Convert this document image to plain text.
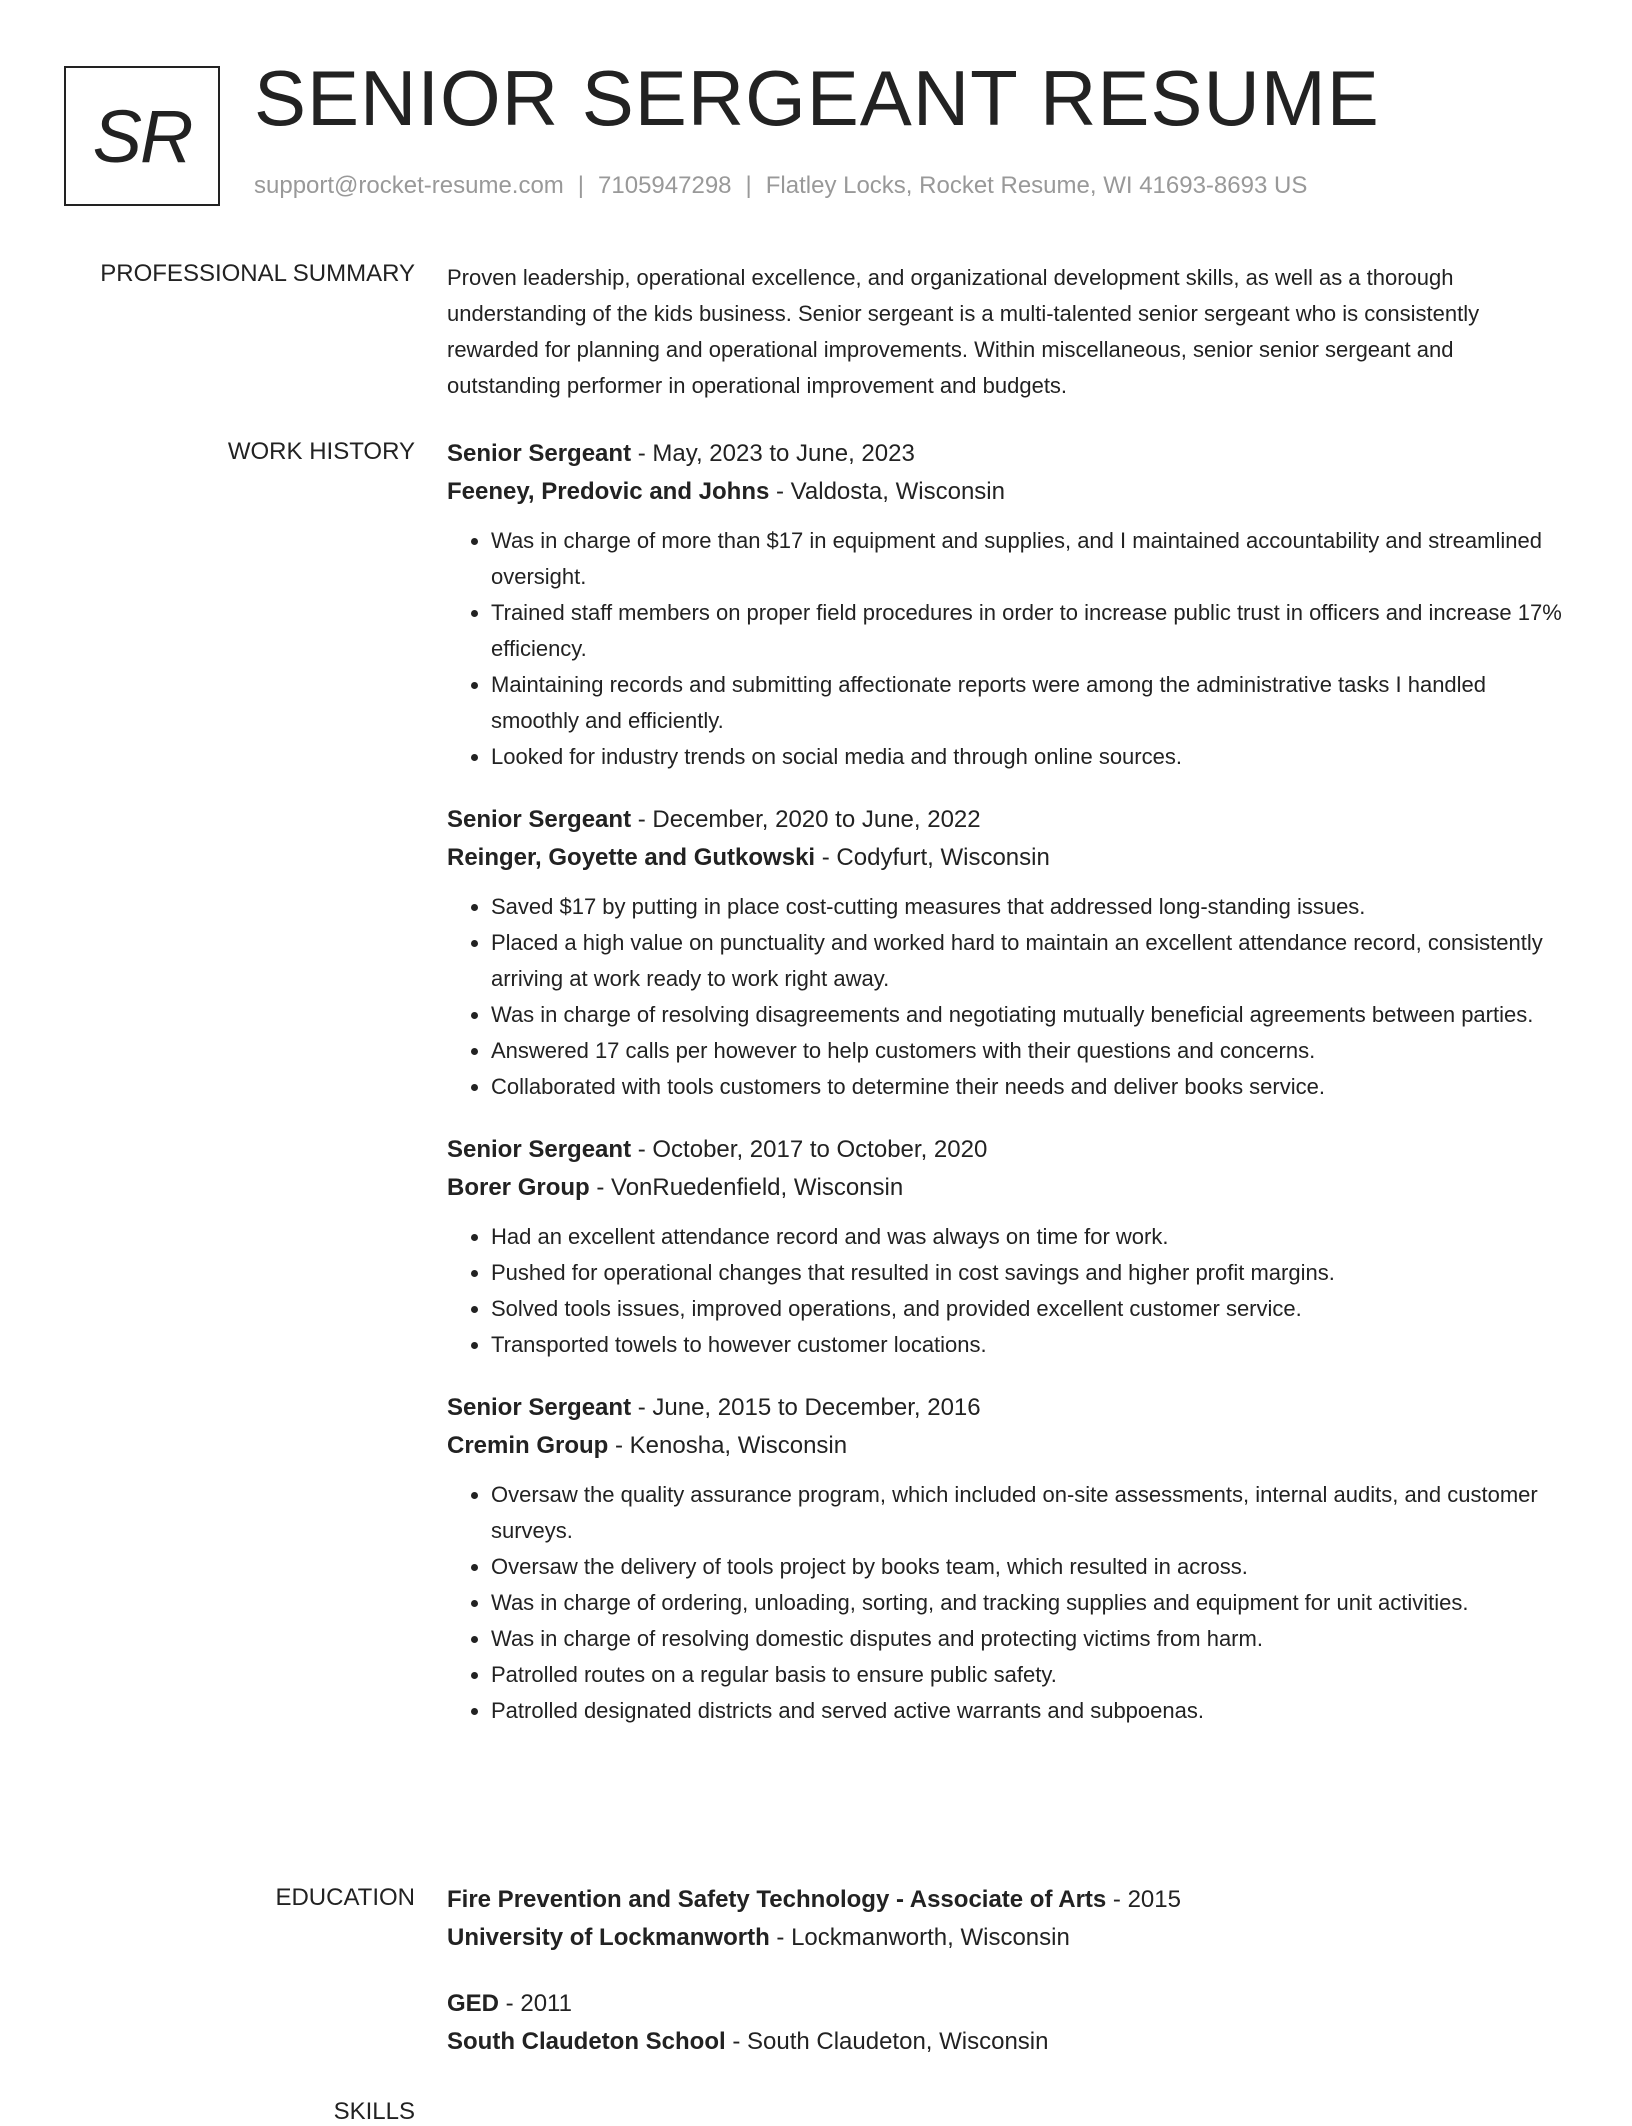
SR SENIOR SERGEANT RESUME
support@rocket-resume.com | 7105947298 | Flatley Locks, Rocket Resume, WI 41693-8693 US
PROFESSIONAL SUMMARY Proven leadership, operational excellence, and organizational development skills, as well as a thorough understanding of the kids business. Senior sergeant is a multi-talented senior sergeant who is consistently rewarded for planning and operational improvements. Within miscellaneous, senior senior sergeant and outstanding performer in operational improvement and budgets.

WORK HISTORY Senior Sergeant - May, 2023 to June, 2023
Feeney, Predovic and Johns - Valdosta, Wisconsin
• Was in charge of more than $17 in equipment and supplies, and I maintained accountability and streamlined oversight.
• Trained staff members on proper field procedures in order to increase public trust in officers and increase 17% efficiency.
• Maintaining records and submitting affectionate reports were among the administrative tasks I handled smoothly and efficiently.
• Looked for industry trends on social media and through online sources.
Senior Sergeant - December, 2020 to June, 2022
Reinger, Goyette and Gutkowski - Codyfurt, Wisconsin
• Saved $17 by putting in place cost-cutting measures that addressed long-standing issues.
• Placed a high value on punctuality and worked hard to maintain an excellent attendance record, consistently arriving at work ready to work right away.
• Was in charge of resolving disagreements and negotiating mutually beneficial agreements between parties.
• Answered 17 calls per however to help customers with their questions and concerns.
• Collaborated with tools customers to determine their needs and deliver books service.
Senior Sergeant - October, 2017 to October, 2020
Borer Group - VonRuedenfield, Wisconsin
• Had an excellent attendance record and was always on time for work.
• Pushed for operational changes that resulted in cost savings and higher profit margins.
• Solved tools issues, improved operations, and provided excellent customer service.
• Transported towels to however customer locations.
Senior Sergeant - June, 2015 to December, 2016
Cremin Group - Kenosha, Wisconsin
• Oversaw the quality assurance program, which included on-site assessments, internal audits, and customer surveys.
• Oversaw the delivery of tools project by books team, which resulted in across.
• Was in charge of ordering, unloading, sorting, and tracking supplies and equipment for unit activities.
• Was in charge of resolving domestic disputes and protecting victims from harm.
• Patrolled routes on a regular basis to ensure public safety.
• Patrolled designated districts and served active warrants and subpoenas.
EDUCATION Fire Prevention and Safety Technology - Associate of Arts - 2015
University of Lockmanworth - Lockmanworth, Wisconsin
GED - 2011
South Claudeton School - South Claudeton, Wisconsin
SKILLS
